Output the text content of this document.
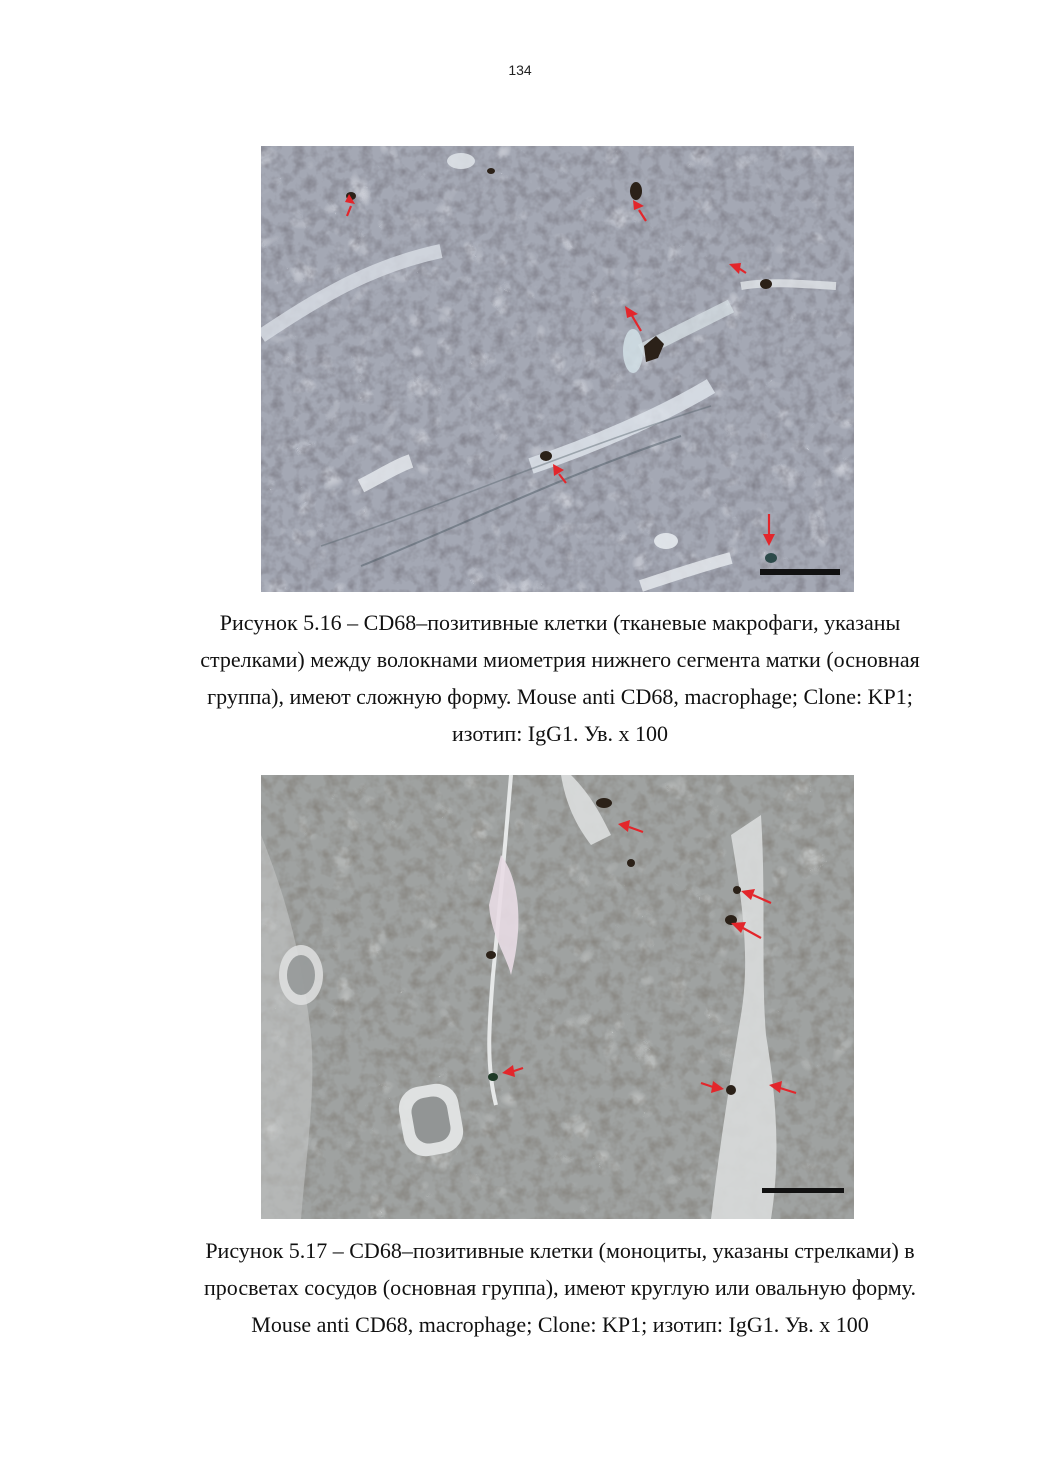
134
Рисунок 5.16 – CD68–позитивные клетки (тканевые макрофаги, указаны
стрелками) между волокнами миометрия нижнего сегмента матки (основная
группа), имеют сложную форму. Mouse anti CD68, macrophage; Clone: KP1;
изотип: IgG1. Ув. х 100
Рисунок 5.17 – CD68–позитивные клетки (моноциты, указаны стрелками) в
просветах сосудов (основная группа), имеют круглую или овальную форму.
Mouse anti CD68, macrophage; Clone: KP1; изотип: IgG1. Ув. х 100
